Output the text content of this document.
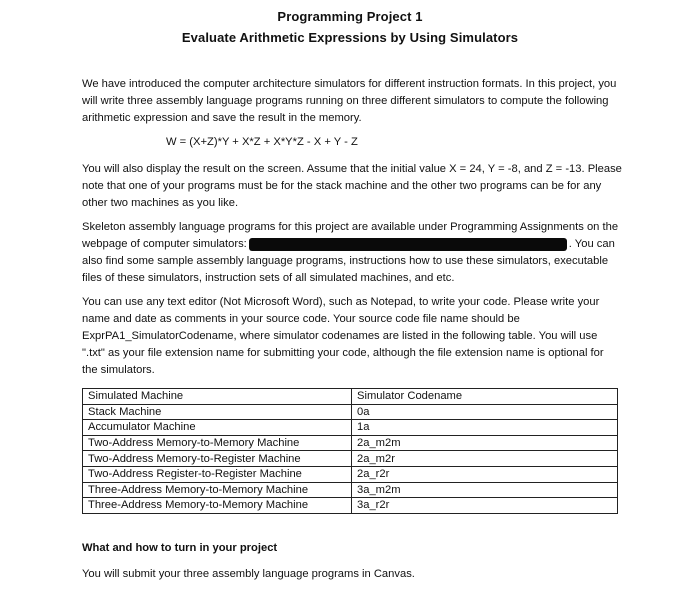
Programming Project 1
Evaluate Arithmetic Expressions by Using Simulators

We have introduced the computer architecture simulators for different instruction formats. In this project, you will write three assembly language programs running on three different simulators to compute the following arithmetic expression and save the result in the memory.

W = (X+Z)*Y + X*Z + X*Y*Z - X + Y - Z

You will also display the result on the screen. Assume that the initial value X = 24, Y = -8, and Z = -13. Please note that one of your programs must be for the stack machine and the other two programs can be for any other two machines as you like.

Skeleton assembly language programs for this project are available under Programming Assignments on the webpage of computer simulators:	. You can also find some sample assembly language programs, instructions how to use these simulators, executable files of these simulators, instruction sets of all simulated machines, and etc.

You can use any text editor (Not Microsoft Word), such as Notepad, to write your code. Please write your name and date as comments in your source code. Your source code file name should be ExprPA1_SimulatorCodename, where simulator codenames are listed in the following table. You will use ".txt" as your file extension name for submitting your code, although the file extension name is optional for the simulators.

Simulated Machine	Simulator Codename
Stack Machine	0a
Accumulator Machine	1a
Two-Address Memory-to-Memory Machine	2a_m2m
Two-Address Memory-to-Register Machine	2a_m2r
Two-Address Register-to-Register Machine	2a_r2r
Three-Address Memory-to-Memory Machine	3a_m2m
Three-Address Memory-to-Memory Machine	3a_r2r
What and how to turn in your project
You will submit your three assembly language programs in Canvas.
